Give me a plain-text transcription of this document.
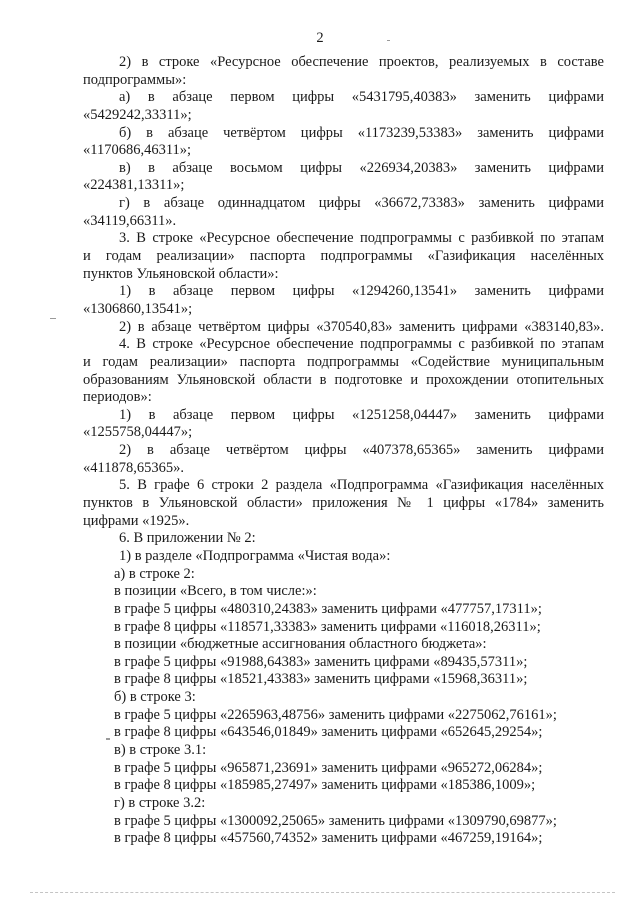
2
2) в строке «Ресурсное обеспечение проектов, реализуемых в составе
подпрограммы»:
а) в абзаце первом цифры «5431795,40383» заменить цифрами
«5429242,33311»;
б) в абзаце четвёртом цифры «1173239,53383» заменить цифрами
«1170686,46311»;
в) в абзаце восьмом цифры «226934,20383» заменить цифрами
«224381,13311»;
г) в абзаце одиннадцатом цифры «36672,73383» заменить цифрами
«34119,66311».
3. В строке «Ресурсное обеспечение подпрограммы с разбивкой по этапам
и годам реализации» паспорта подпрограммы «Газификация населённых
пунктов Ульяновской области»:
1) в абзаце первом цифры «1294260,13541» заменить цифрами
«1306860,13541»;
2) в абзаце четвёртом цифры «370540,83» заменить цифрами «383140,83».
4. В строке «Ресурсное обеспечение подпрограммы с разбивкой по этапам
и годам реализации» паспорта подпрограммы «Содействие муниципальным
образованиям Ульяновской области в подготовке и прохождении отопительных
периодов»:
1) в абзаце первом цифры «1251258,04447» заменить цифрами
«1255758,04447»;
2) в абзаце четвёртом цифры «407378,65365» заменить цифрами
«411878,65365».
5. В графе 6 строки 2 раздела «Подпрограмма «Газификация населённых
пунктов в Ульяновской области» приложения № 1 цифры «1784» заменить
цифрами «1925».
6. В приложении № 2:
1) в разделе «Подпрограмма «Чистая вода»:
а) в строке 2:
в позиции «Всего, в том числе:»:
в графе 5 цифры «480310,24383» заменить цифрами «477757,17311»;
в графе 8 цифры «118571,33383» заменить цифрами «116018,26311»;
в позиции «бюджетные ассигнования областного бюджета»:
в графе 5 цифры «91988,64383» заменить цифрами «89435,57311»;
в графе 8 цифры «18521,43383» заменить цифрами «15968,36311»;
б) в строке 3:
в графе 5 цифры «2265963,48756» заменить цифрами «2275062,76161»;
в графе 8 цифры «643546,01849» заменить цифрами «652645,29254»;
в) в строке 3.1:
в графе 5 цифры «965871,23691» заменить цифрами «965272,06284»;
в графе 8 цифры «185985,27497» заменить цифрами «185386,1009»;
г) в строке 3.2:
в графе 5 цифры «1300092,25065» заменить цифрами «1309790,69877»;
в графе 8 цифры «457560,74352» заменить цифрами «467259,19164»;
